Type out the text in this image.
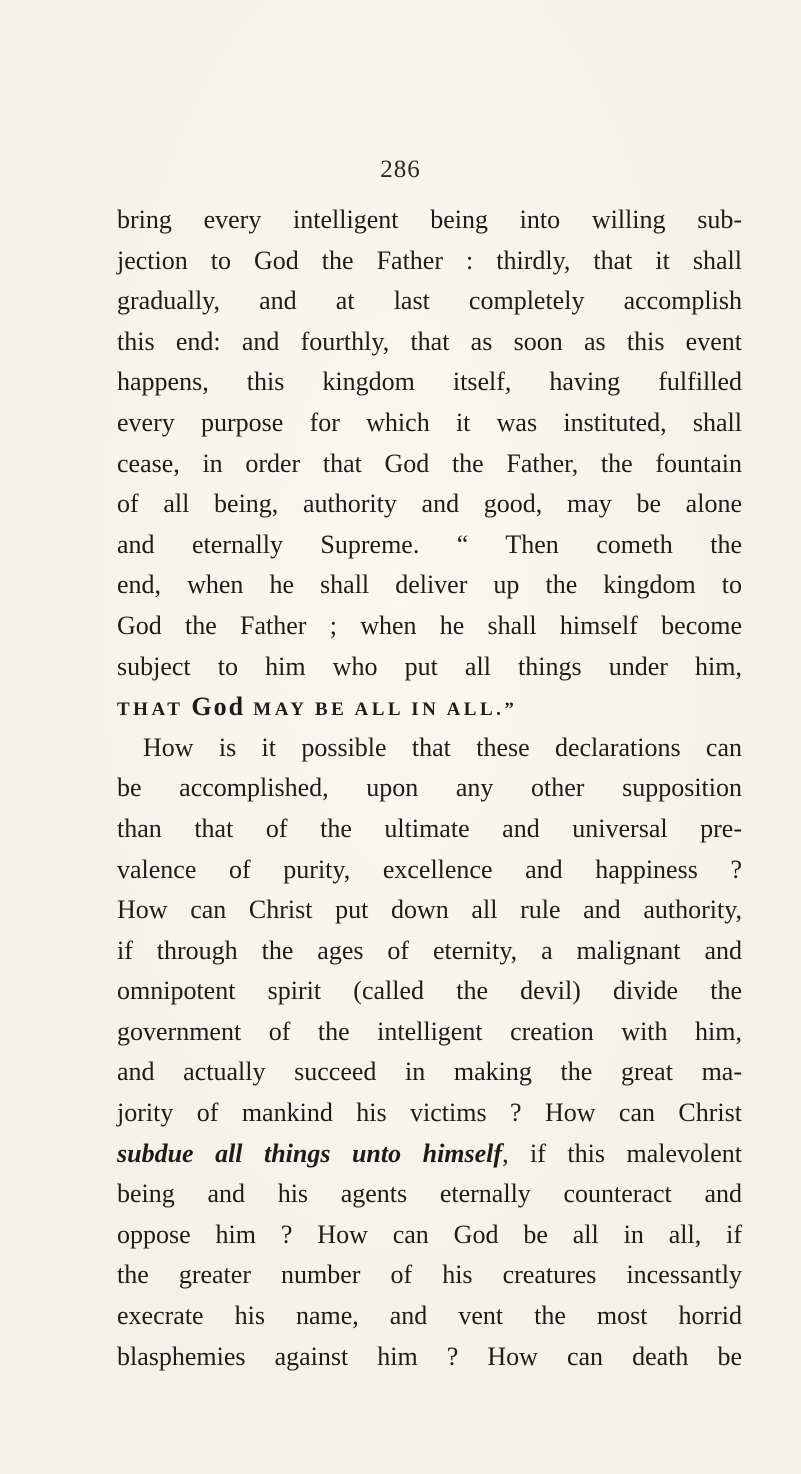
286
bring every intelligent being into willing sub-
jection to God the Father : thirdly, that it shall
gradually, and at last completely accomplish
this end: and fourthly, that as soon as this event
happens, this kingdom itself, having fulfilled
every purpose for which it was instituted, shall
cease, in order that God the Father, the fountain
of all being, authority and good, may be alone
and eternally Supreme. “ Then cometh the
end, when he shall deliver up the kingdom to
God the Father ; when he shall himself become
subject to him who put all things under him,
THAT God MAY BE ALL IN ALL.”
How is it possible that these declarations can
be accomplished, upon any other supposition
than that of the ultimate and universal pre-
valence of purity, excellence and happiness ?
How can Christ put down all rule and authority,
if through the ages of eternity, a malignant and
omnipotent spirit (called the devil) divide the
government of the intelligent creation with him,
and actually succeed in making the great ma-
jority of mankind his victims ? How can Christ
subdue all things unto himself, if this malevolent
being and his agents eternally counteract and
oppose him ? How can God be all in all, if
the greater number of his creatures incessantly
execrate his name, and vent the most horrid
blasphemies against him ? How can death be
